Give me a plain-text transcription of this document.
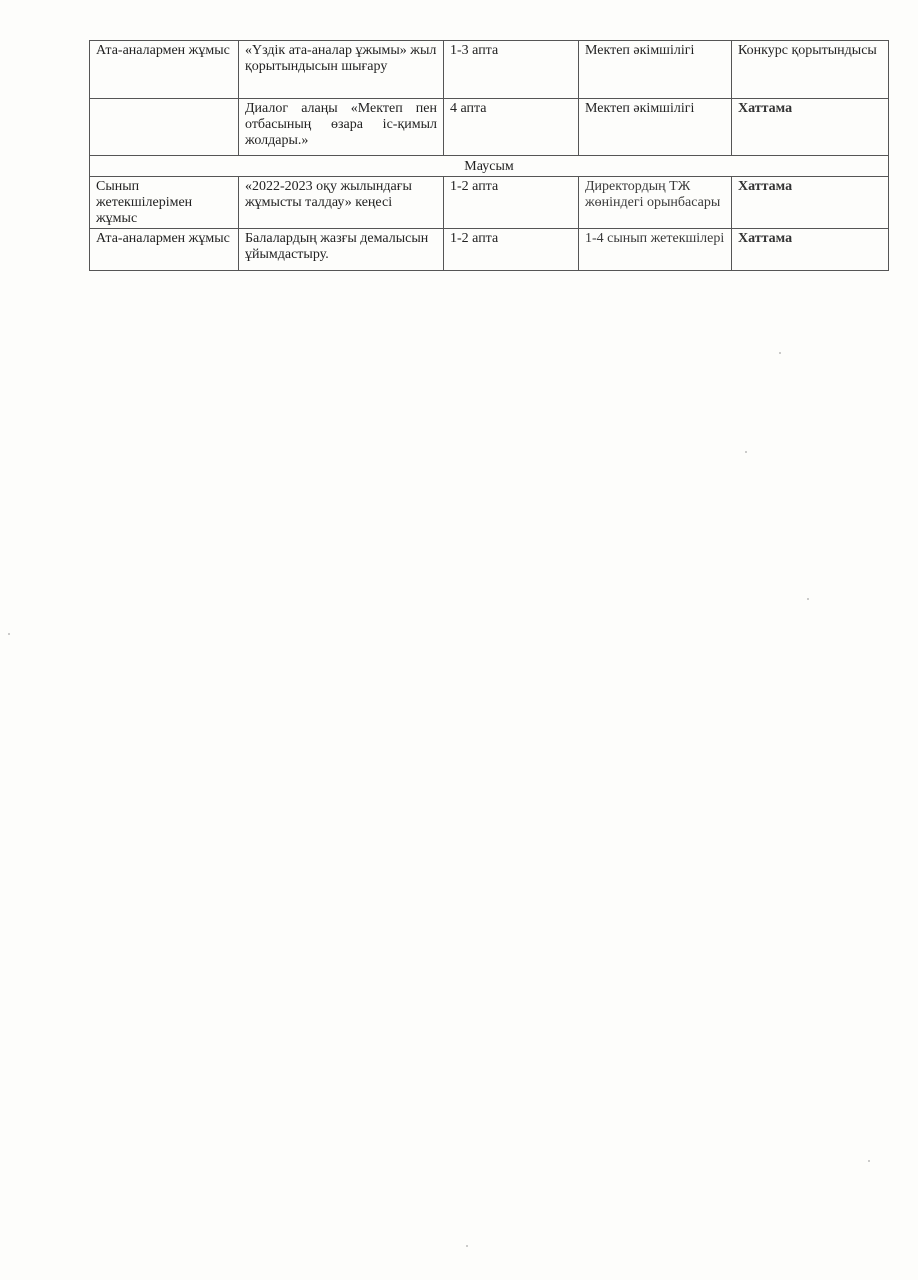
Ата-аналармен жұмыс	«Үздік ата-аналар ұжымы» жыл қорытындысын шығару	1-3 апта	Мектеп әкімшілігі	Конкурс қорытындысы
	Диалог алаңы «Мектеп пен отбасының өзара іс-қимыл жолдары.»	4 апта	Мектеп әкімшілігі	Хаттама
Маусым				
Сынып жетекшілерімен жұмыс	«2022-2023 оқу жылындағы жұмысты талдау» кеңесі	1-2 апта	Директордың ТЖ жөніндегі орынбасары	Хаттама
Ата-аналармен жұмыс	Балалардың жазғы демалысын ұйымдастыру.	1-2 апта	1-4 сынып жетекшілері	Хаттама
